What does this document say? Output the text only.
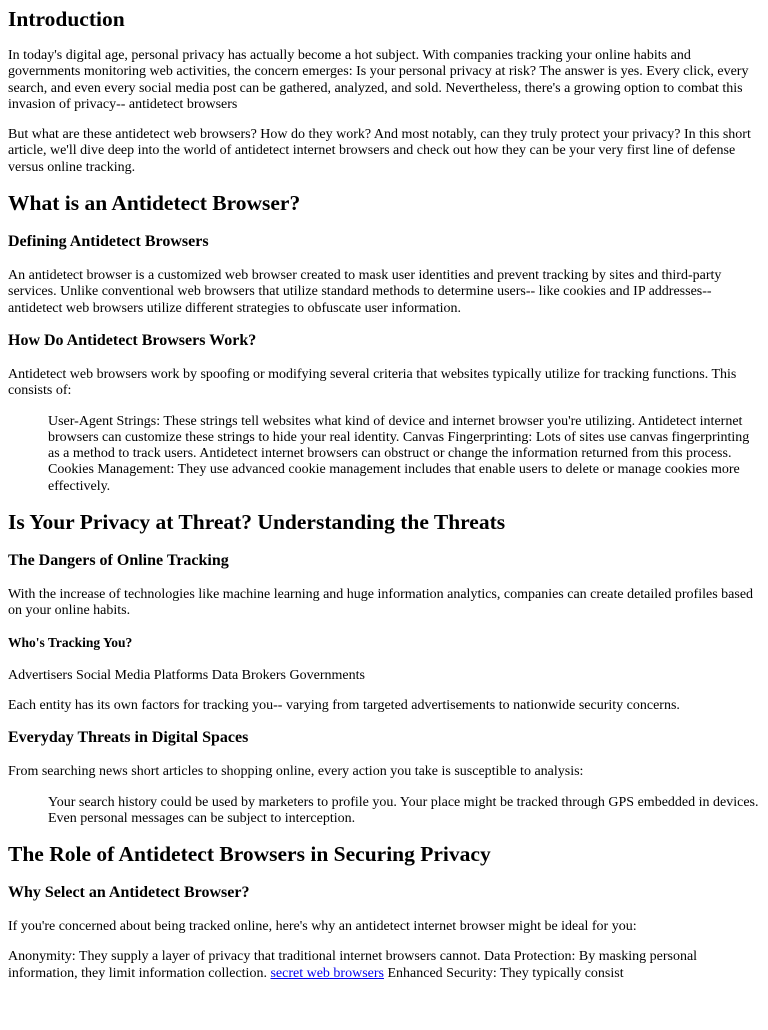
Introduction

In today's digital age, personal privacy has actually become a hot subject. With companies tracking your online habits and governments monitoring web activities, the concern emerges: Is your personal privacy at risk? The answer is yes. Every click, every search, and even every social media post can be gathered, analyzed, and sold. Nevertheless, there's a growing option to combat this invasion of privacy-- antidetect browsers

But what are these antidetect web browsers? How do they work? And most notably, can they truly protect your privacy? In this short article, we'll dive deep into the world of antidetect internet browsers and check out how they can be your very first line of defense versus online tracking.

What is an Antidetect Browser?
Defining Antidetect Browsers

An antidetect browser is a customized web browser created to mask user identities and prevent tracking by sites and third-party services. Unlike conventional web browsers that utilize standard methods to determine users-- like cookies and IP addresses-- antidetect web browsers utilize different strategies to obfuscate user information.

How Do Antidetect Browsers Work?

Antidetect web browsers work by spoofing or modifying several criteria that websites typically utilize for tracking functions. This consists of:

User-Agent Strings: These strings tell websites what kind of device and internet browser you're utilizing. Antidetect internet browsers can customize these strings to hide your real identity. Canvas Fingerprinting: Lots of sites use canvas fingerprinting as a method to track users. Antidetect internet browsers can obstruct or change the information returned from this process. Cookies Management: They use advanced cookie management includes that enable users to delete or manage cookies more effectively.
Is Your Privacy at Threat? Understanding the Threats
The Dangers of Online Tracking

With the increase of technologies like machine learning and huge information analytics, companies can create detailed profiles based on your online habits.

Who's Tracking You?

Advertisers Social Media Platforms Data Brokers Governments

Each entity has its own factors for tracking you-- varying from targeted advertisements to nationwide security concerns.

Everyday Threats in Digital Spaces

From searching news short articles to shopping online, every action you take is susceptible to analysis:

Your search history could be used by marketers to profile you. Your place might be tracked through GPS embedded in devices. Even personal messages can be subject to interception.
The Role of Antidetect Browsers in Securing Privacy
Why Select an Antidetect Browser?

If you're concerned about being tracked online, here's why an antidetect internet browser might be ideal for you:

Anonymity: They supply a layer of privacy that traditional internet browsers cannot. Data Protection: By masking personal information, they limit information collection. secret web browsers Enhanced Security: They typically consist
